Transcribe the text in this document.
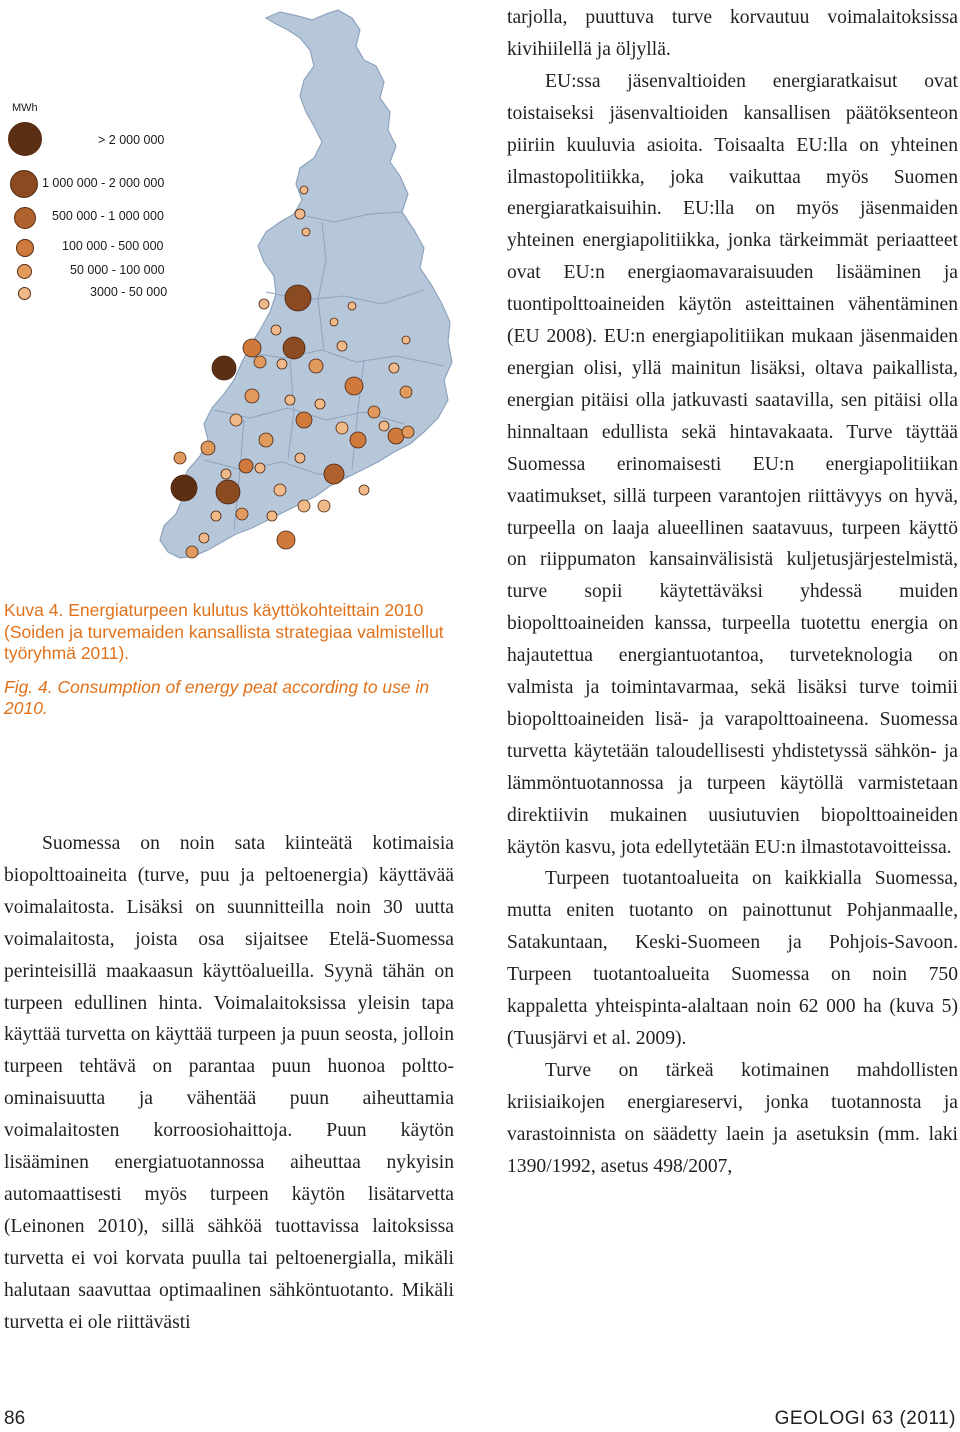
MWh
> 2 000 000
1 000 000 - 2 000 000
500 000 - 1 000 000
100 000 - 500 000
50 000 - 100 000
3000 - 50 000

Kuva 4. Energiaturpeen kulutus käyttökohteittain 2010 (Soiden ja turvemaiden kansallista strategiaa valmistellut työryhmä 2011).

Fig. 4. Consumption of energy peat according to use in 2010.

Suomessa on noin sata kiinteätä kotimaisia biopolttoaineita (turve, puu ja peltoenergia) käyttävää voimalaitosta. Lisäksi on suunnitteilla noin 30 uutta voimalaitosta, joista osa sijaitsee Etelä-Suomessa perinteisillä maakaasun käyttöalueilla. Syynä tähän on turpeen edullinen hinta. Voimalaitoksissa yleisin tapa käyttää turvetta on käyttää turpeen ja puun seosta, jolloin turpeen tehtävä on parantaa puun huonoa poltto-ominaisuutta ja vähentää puun aiheuttamia voimalaitosten korroosiohaittoja. Puun käytön lisääminen energiatuotannossa aiheuttaa nykyisin automaattisesti myös turpeen käytön lisätarvetta (Leinonen 2010), sillä sähköä tuottavissa laitoksissa turvetta ei voi korvata puulla tai peltoenergialla, mikäli halutaan saavuttaa optimaalinen sähköntuotanto. Mikäli turvetta ei ole riittävästi

tarjolla, puuttuva turve korvautuu voimalaitoksissa kivihiilellä ja öljyllä.

EU:ssa jäsenvaltioiden energiaratkaisut ovat toistaiseksi jäsenvaltioiden kansallisen päätöksenteon piiriin kuuluvia asioita. Toisaalta EU:lla on yhteinen ilmastopolitiikka, joka vaikuttaa myös Suomen energiaratkaisuihin. EU:lla on myös jäsenmaiden yhteinen energiapolitiikka, jonka tärkeimmät periaatteet ovat EU:n energiaomavaraisuuden lisääminen ja tuontipolttoaineiden käytön asteittainen vähentäminen (EU 2008). EU:n energiapolitiikan mukaan jäsenmaiden energian olisi, yllä mainitun lisäksi, oltava paikallista, energian pitäisi olla jatkuvasti saatavilla, sen pitäisi olla hinnaltaan edullista sekä hintavakaata. Turve täyttää Suomessa erinomaisesti EU:n energiapolitiikan vaatimukset, sillä turpeen varantojen riittävyys on hyvä, turpeella on laaja alueellinen saatavuus, turpeen käyttö on riippumaton kansainvälisistä kuljetusjärjestelmistä, turve sopii käytettäväksi yhdessä muiden biopolttoaineiden kanssa, turpeella tuotettu energia on hajautettua energiantuotantoa, turveteknologia on valmista ja toimintavarmaa, sekä lisäksi turve toimii biopolttoaineiden lisä- ja varapolttoaineena. Suomessa turvetta käytetään taloudellisesti yhdistetyssä sähkön- ja lämmöntuotannossa ja turpeen käytöllä varmistetaan direktiivin mukainen uusiutuvien biopolttoaineiden käytön kasvu, jota edellytetään EU:n ilmastotavoitteissa.

Turpeen tuotantoalueita on kaikkialla Suomessa, mutta eniten tuotanto on painottunut Pohjanmaalle, Satakuntaan, Keski-Suomeen ja Pohjois-Savoon. Turpeen tuotantoalueita Suomessa on noin 750 kappaletta yhteispinta-alaltaan noin 62 000 ha (kuva 5) (Tuusjärvi et al. 2009).

Turve on tärkeä kotimainen mahdollisten kriisiaikojen energiareservi, jonka tuotannosta ja varastoinnista on säädetty laein ja asetuksin (mm. laki 1390/1992, asetus 498/2007,

86	GEOLOGI 63 (2011)
